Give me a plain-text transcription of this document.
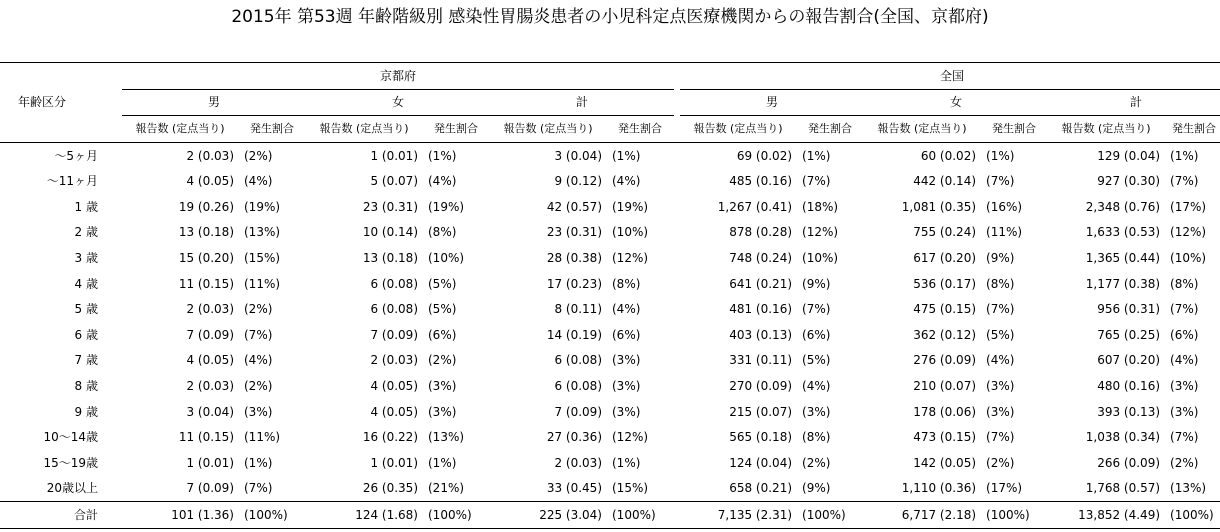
2015年 第53週 年齢階級別 感染性胃腸炎患者の小児科定点医療機関からの報告割合(全国、京都府)
年齢区分	京都府							全国					
	男		女		計			男		女		計	
	報告数 (定点当り)	発生割合	報告数 (定点当り)	発生割合	報告数 (定点当り)	発生割合		報告数 (定点当り)	発生割合	報告数 (定点当り)	発生割合	報告数 (定点当り)	発生割合
～5ヶ月	2 (0.03)	(2%)	1 (0.01)	(1%)	3 (0.04)	(1%)		69 (0.02)	(1%)	60 (0.02)	(1%)	129 (0.04)	(1%)
～11ヶ月	4 (0.05)	(4%)	5 (0.07)	(4%)	9 (0.12)	(4%)		485 (0.16)	(7%)	442 (0.14)	(7%)	927 (0.30)	(7%)
1 歳	19 (0.26)	(19%)	23 (0.31)	(19%)	42 (0.57)	(19%)		1,267 (0.41)	(18%)	1,081 (0.35)	(16%)	2,348 (0.76)	(17%)
2 歳	13 (0.18)	(13%)	10 (0.14)	(8%)	23 (0.31)	(10%)		878 (0.28)	(12%)	755 (0.24)	(11%)	1,633 (0.53)	(12%)
3 歳	15 (0.20)	(15%)	13 (0.18)	(10%)	28 (0.38)	(12%)		748 (0.24)	(10%)	617 (0.20)	(9%)	1,365 (0.44)	(10%)
4 歳	11 (0.15)	(11%)	6 (0.08)	(5%)	17 (0.23)	(8%)		641 (0.21)	(9%)	536 (0.17)	(8%)	1,177 (0.38)	(8%)
5 歳	2 (0.03)	(2%)	6 (0.08)	(5%)	8 (0.11)	(4%)		481 (0.16)	(7%)	475 (0.15)	(7%)	956 (0.31)	(7%)
6 歳	7 (0.09)	(7%)	7 (0.09)	(6%)	14 (0.19)	(6%)		403 (0.13)	(6%)	362 (0.12)	(5%)	765 (0.25)	(6%)
7 歳	4 (0.05)	(4%)	2 (0.03)	(2%)	6 (0.08)	(3%)		331 (0.11)	(5%)	276 (0.09)	(4%)	607 (0.20)	(4%)
8 歳	2 (0.03)	(2%)	4 (0.05)	(3%)	6 (0.08)	(3%)		270 (0.09)	(4%)	210 (0.07)	(3%)	480 (0.16)	(3%)
9 歳	3 (0.04)	(3%)	4 (0.05)	(3%)	7 (0.09)	(3%)		215 (0.07)	(3%)	178 (0.06)	(3%)	393 (0.13)	(3%)
10～14歳	11 (0.15)	(11%)	16 (0.22)	(13%)	27 (0.36)	(12%)		565 (0.18)	(8%)	473 (0.15)	(7%)	1,038 (0.34)	(7%)
15～19歳	1 (0.01)	(1%)	1 (0.01)	(1%)	2 (0.03)	(1%)		124 (0.04)	(2%)	142 (0.05)	(2%)	266 (0.09)	(2%)
20歳以上	7 (0.09)	(7%)	26 (0.35)	(21%)	33 (0.45)	(15%)		658 (0.21)	(9%)	1,110 (0.36)	(17%)	1,768 (0.57)	(13%)
合計	101 (1.36)	(100%)	124 (1.68)	(100%)	225 (3.04)	(100%)		7,135 (2.31)	(100%)	6,717 (2.18)	(100%)	13,852 (4.49)	(100%)
